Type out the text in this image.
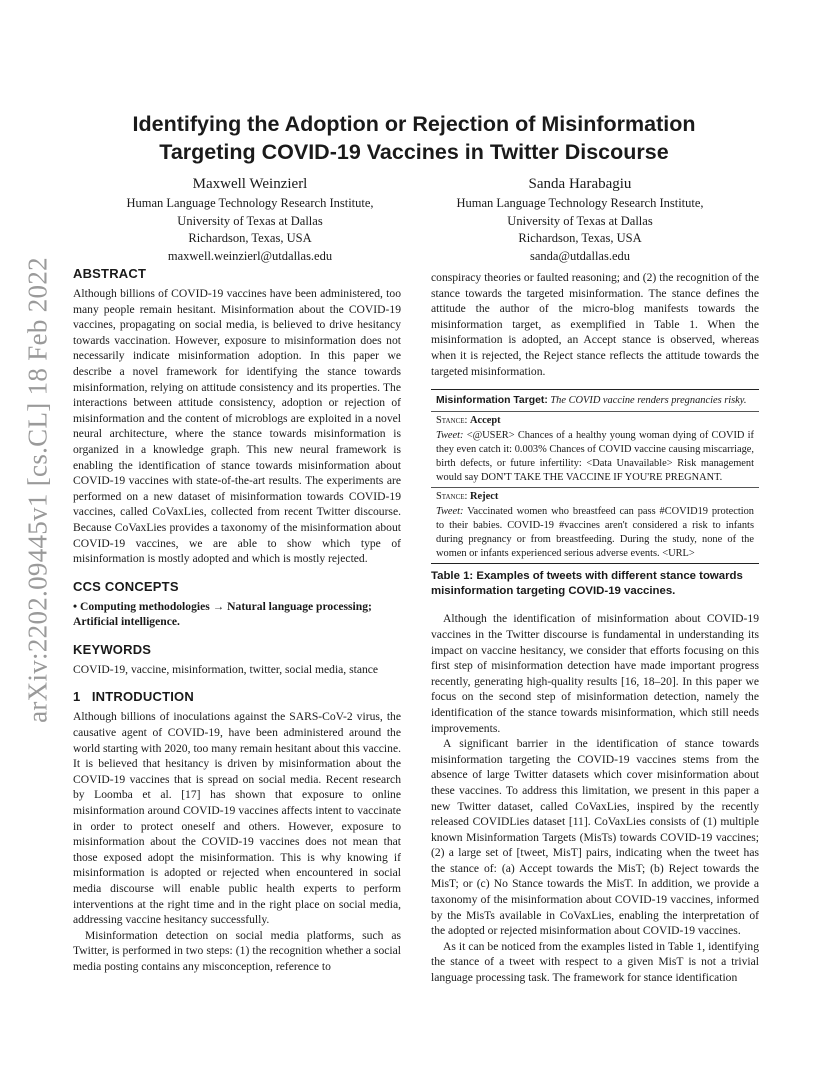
arXiv:2202.09445v1 [cs.CL] 18 Feb 2022
Identifying the Adoption or Rejection of Misinformation
Targeting COVID-19 Vaccines in Twitter Discourse
Maxwell Weinzierl
Human Language Technology Research Institute,
University of Texas at Dallas
Richardson, Texas, USA
maxwell.weinzierl@utdallas.edu
Sanda Harabagiu
Human Language Technology Research Institute,
University of Texas at Dallas
Richardson, Texas, USA
sanda@utdallas.edu
ABSTRACT

Although billions of COVID-19 vaccines have been administered, too many people remain hesitant. Misinformation about the COVID-19 vaccines, propagating on social media, is believed to drive hesitancy towards vaccination. However, exposure to misinformation does not necessarily indicate misinformation adoption. In this paper we describe a novel framework for identifying the stance towards misinformation, relying on attitude consistency and its properties. The interactions between attitude consistency, adoption or rejection of misinformation and the content of microblogs are exploited in a novel neural architecture, where the stance towards misinformation is organized in a knowledge graph. This new neural framework is enabling the identification of stance towards misinformation about COVID-19 vaccines with state-of-the-art results. The experiments are performed on a new dataset of misinformation towards COVID-19 vaccines, called CoVaxLies, collected from recent Twitter discourse. Because CoVaxLies provides a taxonomy of the misinformation about COVID-19 vaccines, we are able to show which type of misinformation is mostly adopted and which is mostly rejected.

CCS CONCEPTS

• Computing methodologies → Natural language processing; Artificial intelligence.

KEYWORDS

COVID-19, vaccine, misinformation, twitter, social media, stance

1   INTRODUCTION

Although billions of inoculations against the SARS-CoV-2 virus, the causative agent of COVID-19, have been administered around the world starting with 2020, too many remain hesitant about this vaccine. It is believed that hesitancy is driven by misinformation about the COVID-19 vaccines that is spread on social media. Recent research by Loomba et al. [17] has shown that exposure to online misinformation around COVID-19 vaccines affects intent to vaccinate in order to protect oneself and others. However, exposure to misinformation about the COVID-19 vaccines does not mean that those exposed adopt the misinformation. This is why knowing if misinformation is adopted or rejected when encountered in social media discourse will enable public health experts to perform interventions at the right time and in the right place on social media, addressing vaccine hesitancy successfully.

Misinformation detection on social media platforms, such as Twitter, is performed in two steps: (1) the recognition whether a social media posting contains any misconception, reference to

conspiracy theories or faulted reasoning; and (2) the recognition of the stance towards the targeted misinformation. The stance defines the attitude the author of the micro-blog manifests towards the misinformation target, as exemplified in Table 1. When the misinformation is adopted, an Accept stance is observed, whereas when it is rejected, the Reject stance reflects the attitude towards the targeted misinformation.

Misinformation Target: The COVID vaccine renders pregnancies risky.
Stance: Accept
Tweet: <@USER> Chances of a healthy young woman dying of COVID if they even catch it: 0.003% Chances of COVID vaccine causing miscarriage, birth defects, or future infertility: <Data Unavailable> Risk management would say DON'T TAKE THE VACCINE IF YOU'RE PREGNANT.
Stance: Reject
Tweet: Vaccinated women who breastfeed can pass #COVID19 protection to their babies. COVID-19 #vaccines aren't considered a risk to infants during pregnancy or from breastfeeding. During the study, none of the women or infants experienced serious adverse events. <URL>
Table 1: Examples of tweets with different stance towards misinformation targeting COVID-19 vaccines.

Although the identification of misinformation about COVID-19 vaccines in the Twitter discourse is fundamental in understanding its impact on vaccine hesitancy, we consider that efforts focusing on this first step of misinformation detection have made important progress recently, generating high-quality results [16, 18–20]. In this paper we focus on the second step of misinformation detection, namely the identification of the stance towards misinformation, which still needs improvements.

A significant barrier in the identification of stance towards misinformation targeting the COVID-19 vaccines stems from the absence of large Twitter datasets which cover misinformation about these vaccines. To address this limitation, we present in this paper a new Twitter dataset, called CoVaxLies, inspired by the recently released COVIDLies dataset [11]. CoVaxLies consists of (1) multiple known Misinformation Targets (MisTs) towards COVID-19 vaccines; (2) a large set of [tweet, MisT] pairs, indicating when the tweet has the stance of: (a) Accept towards the MisT; (b) Reject towards the MisT; or (c) No Stance towards the MisT. In addition, we provide a taxonomy of the misinformation about COVID-19 vaccines, informed by the MisTs available in CoVaxLies, enabling the interpretation of the adopted or rejected misinformation about COVID-19 vaccines.

As it can be noticed from the examples listed in Table 1, identifying the stance of a tweet with respect to a given MisT is not a trivial language processing task. The framework for stance identification
